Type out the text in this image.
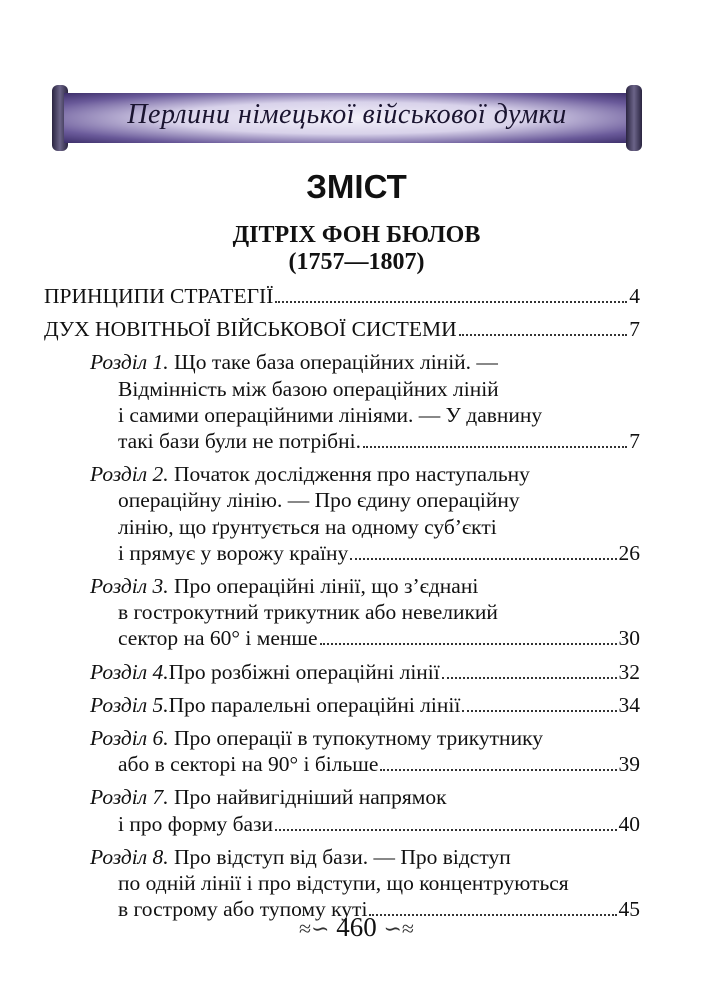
Перлини німецької військової думки
ЗМІСТ
ДІТРІХ ФОН БЮЛОВ
(1757—1807)
ПРИНЦИПИ СТРАТЕГІЇ	4
ДУХ НОВІТНЬОЇ ВІЙСЬКОВОЇ СИСТЕМИ	7
Розділ 1. Що таке база операційних ліній. —
Відмінність між базою операційних ліній
і самими операційними лініями. — У давнину
такі бази були не потрібні.	7
Розділ 2. Початок дослідження про наступальну
операційну лінію. — Про єдину операційну
лінію, що ґрунтується на одному суб’єкті
і прямує у ворожу країну	26
Розділ 3. Про операційні лінії, що з’єднані
в гострокутний трикутник або невеликий
сектор на 60° і менше	30
Розділ 4. Про розбіжні операційні лінії	32
Розділ 5. Про паралельні операційні лінії	34
Розділ 6. Про операції в тупокутному трикутнику
або в секторі на 90° і більше	39
Розділ 7. Про найвигідніший напрямок
і про форму бази	40
Розділ 8. Про відступ від бази. — Про відступ
по одній лінії і про відступи, що концентруються
в гострому або тупому куті	45
≈∽ 460 ∽≈
